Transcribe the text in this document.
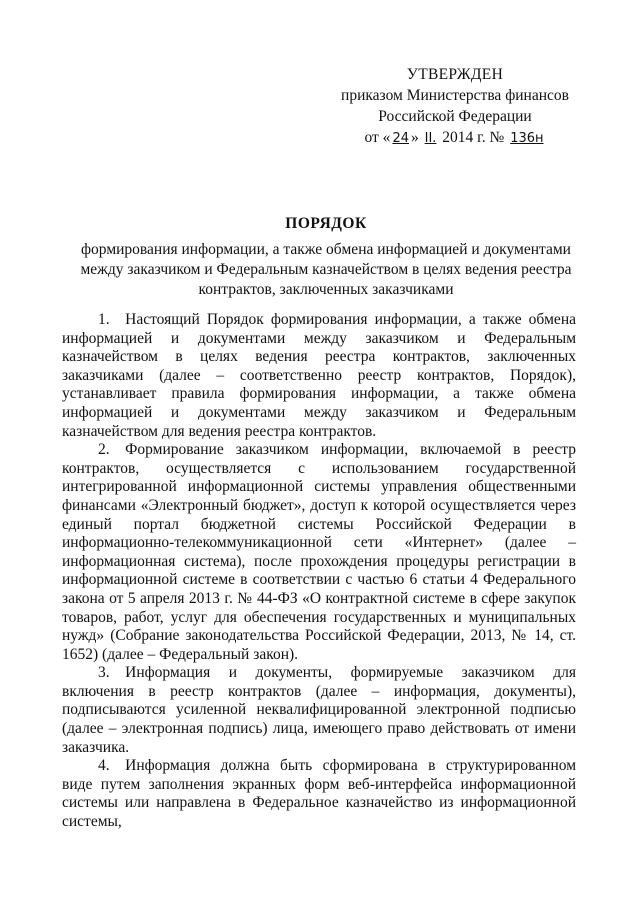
УТВЕРЖДЕН
приказом Министерства финансов
Российской Федерации
от « 24 » II. 2014 г. № 136н
ПОРЯДОК
формирования информации, а также обмена информацией и документами между заказчиком и Федеральным казначейством в целях ведения реестра контрактов, заключенных заказчиками

1. Настоящий Порядок формирования информации, а также обмена информацией и документами между заказчиком и Федеральным казначейством в целях ведения реестра контрактов, заключенных заказчиками (далее – соответственно реестр контрактов, Порядок), устанавливает правила формирования информации, а также обмена информацией и документами между заказчиком и Федеральным казначейством для ведения реестра контрактов.

2. Формирование заказчиком информации, включаемой в реестр контрактов, осуществляется с использованием государственной интегрированной информационной системы управления общественными финансами «Электронный бюджет», доступ к которой осуществляется через единый портал бюджетной системы Российской Федерации в информационно-телекоммуникационной сети «Интернет» (далее – информационная система), после прохождения процедуры регистрации в информационной системе в соответствии с частью 6 статьи 4 Федерального закона от 5 апреля 2013 г. № 44-ФЗ «О контрактной системе в сфере закупок товаров, работ, услуг для обеспечения государственных и муниципальных нужд» (Собрание законодательства Российской Федерации, 2013, № 14, ст. 1652) (далее – Федеральный закон).

3. Информация и документы, формируемые заказчиком для включения в реестр контрактов (далее – информация, документы), подписываются усиленной неквалифицированной электронной подписью (далее – электронная подпись) лица, имеющего право действовать от имени заказчика.

4. Информация должна быть сформирована в структурированном виде путем заполнения экранных форм веб-интерфейса информационной системы или направлена в Федеральное казначейство из информационной системы,
